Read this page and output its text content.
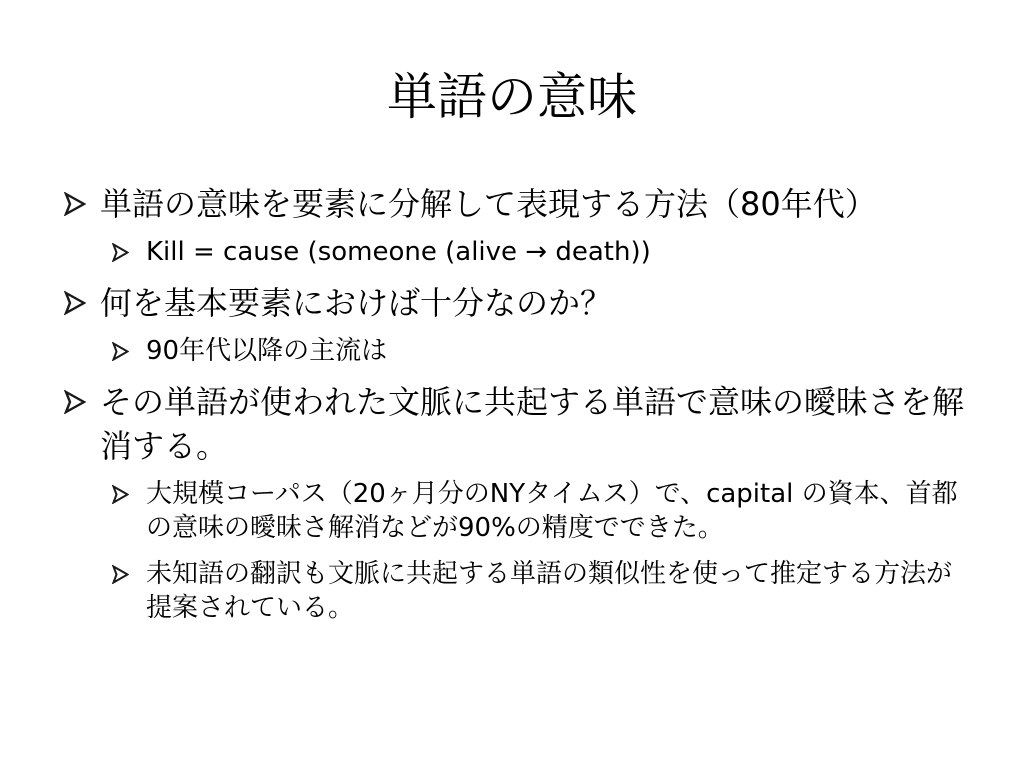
単語の意味
単語の意味を要素に分解して表現する方法（80年代）
Kill = cause (someone (alive → death))
何を基本要素におけば十分なのか？
90年代以降の主流は
その単語が使われた文脈に共起する単語で意味の曖昧さを解消する。
大規模コーパス（20ヶ月分のNYタイムス）で、capital の資本、首都の意味の曖昧さ解消などが90%の精度でできた。
未知語の翻訳も文脈に共起する単語の類似性を使って推定する方法が提案されている。
